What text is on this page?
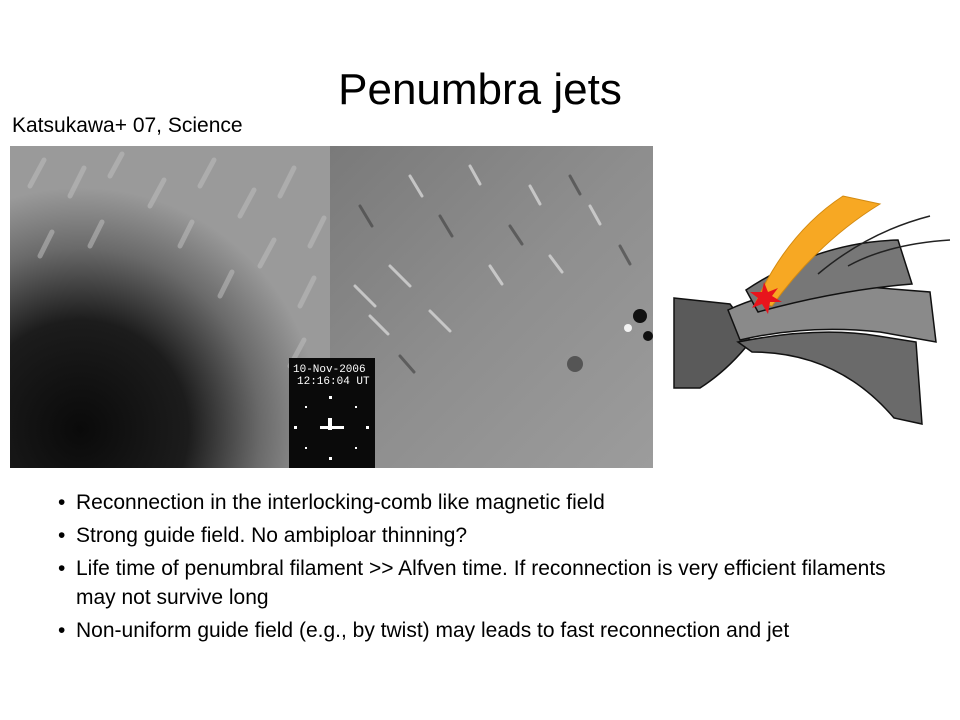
Penumbra jets
Katsukawa+ 07, Science
10-Nov-2006
12:16:04 UT
• Reconnection in the interlocking-comb like magnetic field
• Strong guide field. No ambiploar thinning?
• Life time of penumbral filament >> Alfven time. If reconnection is very efficient filaments may not survive long
• Non-uniform guide field (e.g., by twist) may leads to fast reconnection and jet
